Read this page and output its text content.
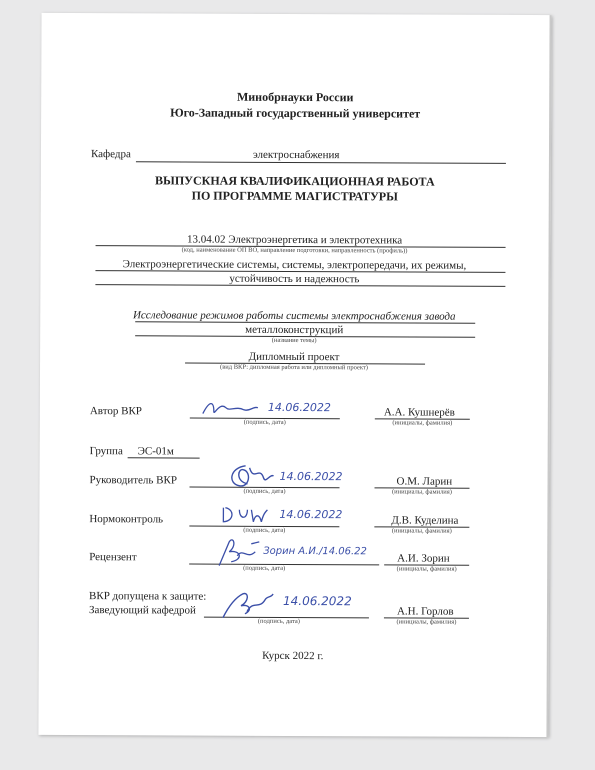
Минобрнауки России
Юго-Западный государственный университет
Кафедра	электроснабжения
ВЫПУСКНАЯ КВАЛИФИКАЦИОННАЯ РАБОТА
ПО ПРОГРАММЕ МАГИСТРАТУРЫ
13.04.02 Электроэнергетика и электротехника
(код, наименование ОП ВО, направление подготовки, направленность (профиль))
Электроэнергетические системы, системы, электропередачи, их режимы,
устойчивость и надежность
Исследование режимов работы системы электроснабжения завода
металлоконструкций
(название темы)
Дипломный проект
(вид ВКР: дипломная работа или дипломный проект)
Автор ВКР	14.06.2022
(подпись, дата)
А.А. Кушнерёв
(инициалы, фамилия)
Группа ЭС-01м
Руководитель ВКР	14.06.2022
(подпись, дата)
О.М. Ларин
(инициалы, фамилия)
Нормоконтроль	14.06.2022
(подпись, дата)
Д.В. Куделина
(инициалы, фамилия)
Рецензент	Зорин А.И./14.06.22
(подпись, дата)
А.И. Зорин
(инициалы, фамилия)
ВКР допущена к защите:
Заведующий кафедрой
14.06.2022
(подпись, дата)
А.Н. Горлов
(инициалы, фамилия)
Курск 2022 г.
